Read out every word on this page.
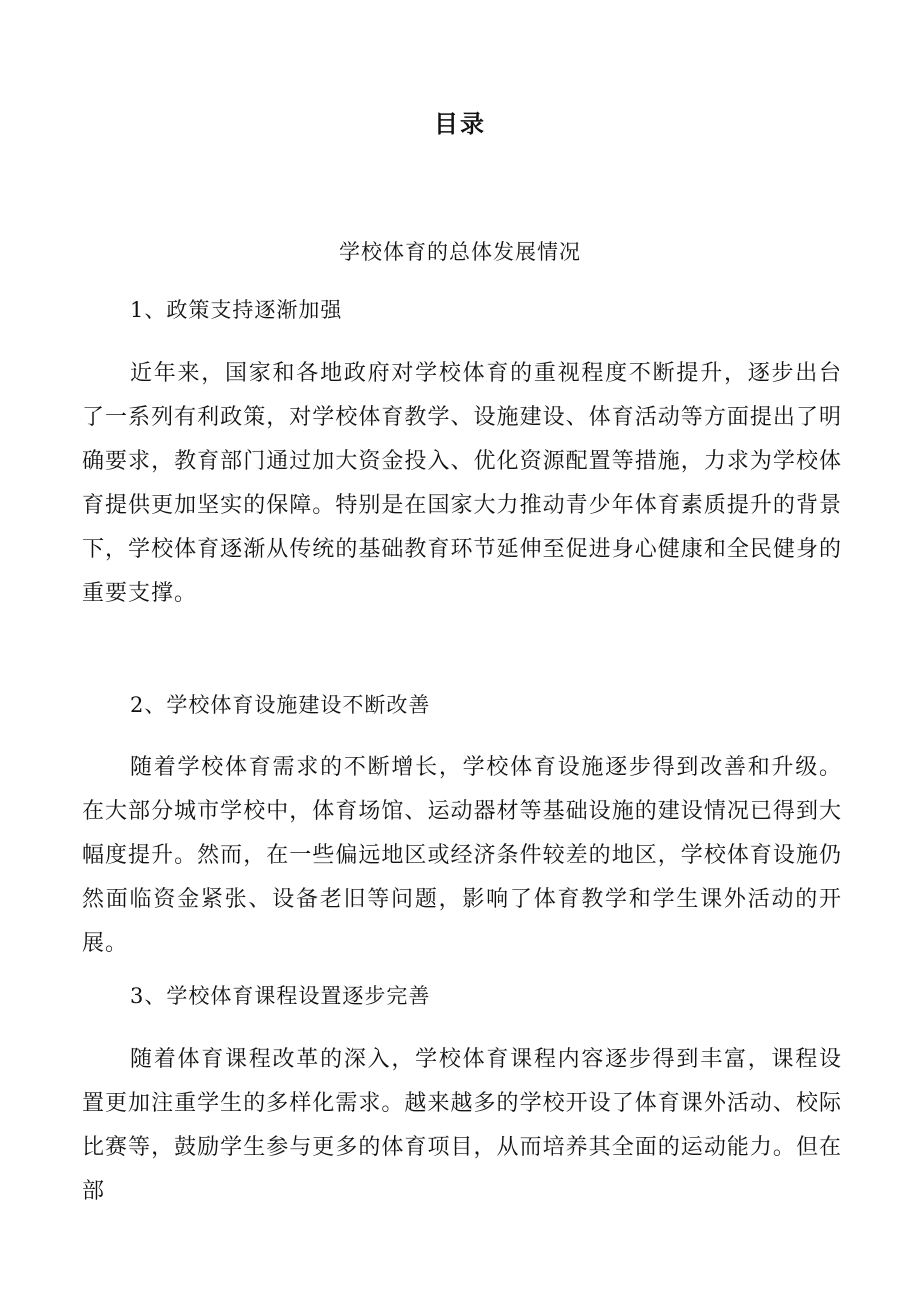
目录
学校体育的总体发展情况
1、政策支持逐渐加强

近年来，国家和各地政府对学校体育的重视程度不断提升，逐步出台了一系列有利政策，对学校体育教学、设施建设、体育活动等方面提出了明确要求，教育部门通过加大资金投入、优化资源配置等措施，力求为学校体育提供更加坚实的保障。特别是在国家大力推动青少年体育素质提升的背景下，学校体育逐渐从传统的基础教育环节延伸至促进身心健康和全民健身的重要支撑。

2、学校体育设施建设不断改善

随着学校体育需求的不断增长，学校体育设施逐步得到改善和升级。在大部分城市学校中，体育场馆、运动器材等基础设施的建设情况已得到大幅度提升。然而，在一些偏远地区或经济条件较差的地区，学校体育设施仍然面临资金紧张、设备老旧等问题，影响了体育教学和学生课外活动的开展。

3、学校体育课程设置逐步完善

随着体育课程改革的深入，学校体育课程内容逐步得到丰富，课程设置更加注重学生的多样化需求。越来越多的学校开设了体育课外活动、校际比赛等，鼓励学生参与更多的体育项目，从而培养其全面的运动能力。但在部
